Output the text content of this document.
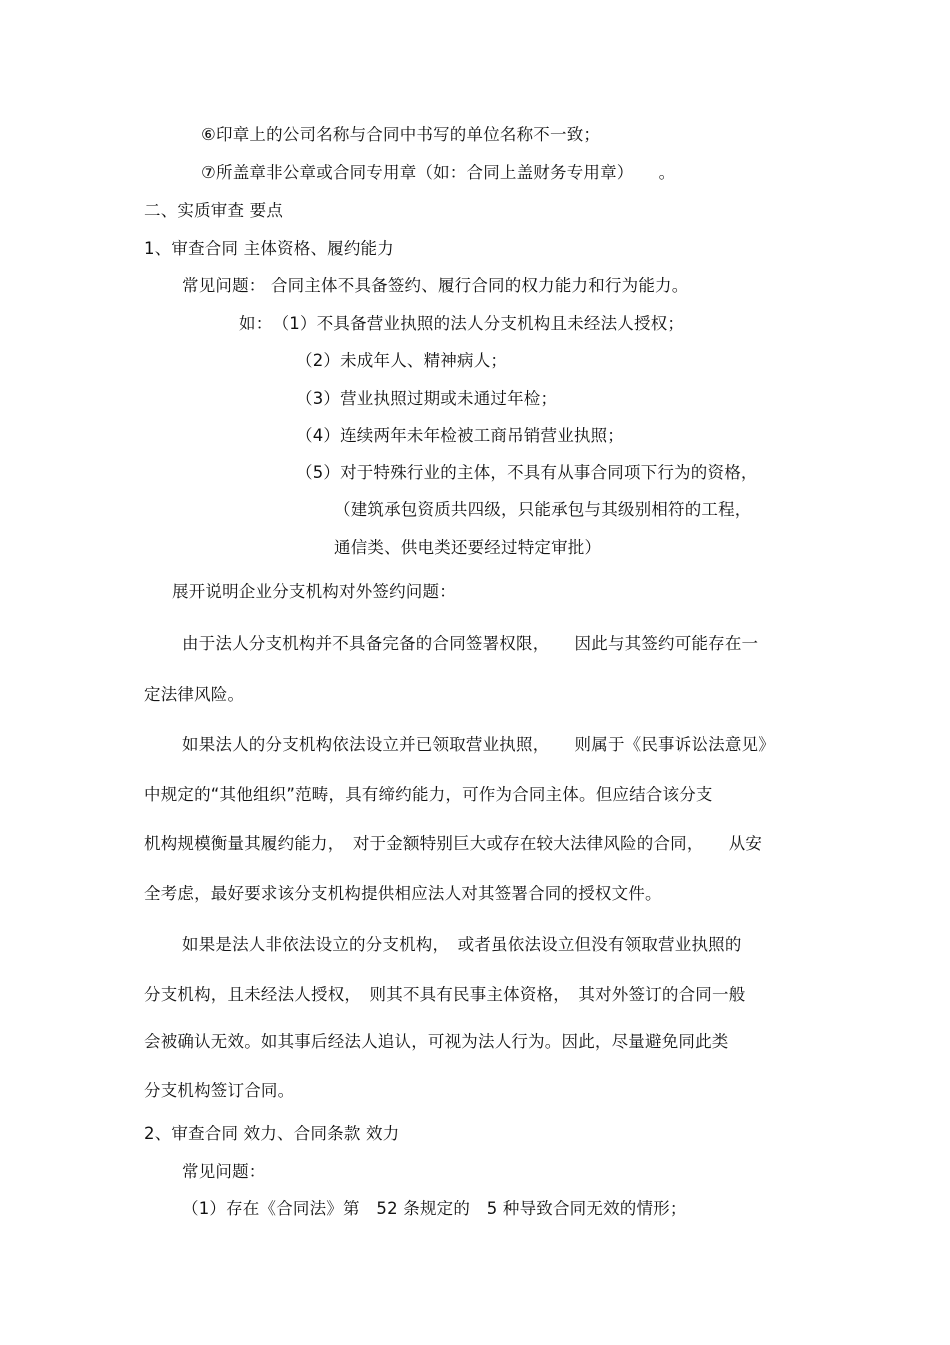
⑥印章上的公司名称与合同中书写的单位名称不一致；
⑦所盖章非公章或合同专用章（如：合同上盖财务专用章）　　。
二、实质审查 要点
1、审查合同 主体资格、履约能力
常见问题： 合同主体不具备签约、履行合同的权力能力和行为能力。
如：　（1）不具备营业执照的法人分支机构且未经法人授权；
（2）未成年人、精神病人；
（3）营业执照过期或未通过年检；
（4）连续两年未年检被工商吊销营业执照；
（5）对于特殊行业的主体，不具有从事合同项下行为的资格，
（建筑承包资质共四级，只能承包与其级别相符的工程，
通信类、供电类还要经过特定审批）
展开说明企业分支机构对外签约问题：
由于法人分支机构并不具备完备的合同签署权限，　　因此与其签约可能存在一
定法律风险。
如果法人的分支机构依法设立并已领取营业执照，　　则属于《民事诉讼法意见》
中规定的“其他组织”范畴，具有缔约能力，可作为合同主体。但应结合该分支
机构规模衡量其履约能力，　对于金额特别巨大或存在较大法律风险的合同，　　从安
全考虑，最好要求该分支机构提供相应法人对其签署合同的授权文件。
如果是法人非依法设立的分支机构，　或者虽依法设立但没有领取营业执照的
分支机构，且未经法人授权，　则其不具有民事主体资格，　其对外签订的合同一般
会被确认无效。如其事后经法人追认，可视为法人行为。因此，尽量避免同此类
分支机构签订合同。
2、审查合同 效力、合同条款 效力
常见问题：
（1）存在《合同法》第　52 条规定的　5 种导致合同无效的情形；
